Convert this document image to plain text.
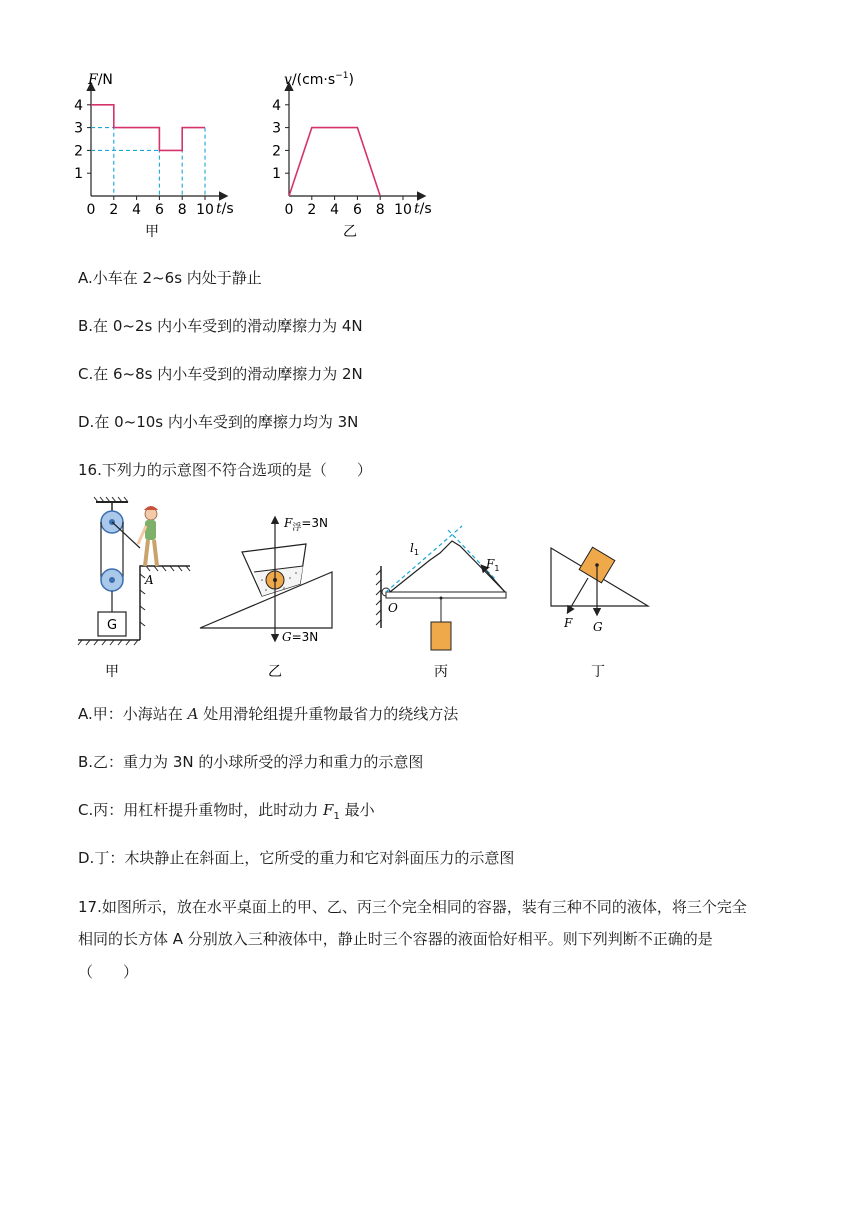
1
2
3
4
0 2 4 6 8 10
F/N
t/s
甲
1
2
3
4
0 2 4 6 8 10
$v/(cm\cdot s^{-1})$
t/s
乙
A.小车在 2~6s 内处于静止
B.在 0~2s 内小车受到的滑动摩擦力为 4N
C.在 6~8s 内小车受到的滑动摩擦力为 2N
D.在 0~10s 内小车受到的摩擦力均为 3N
16.下列力的示意图不符合选项的是（　　）
G
A
甲
$F_浮=3N$
G=3N
乙
O
$l_1$
$F_1$
丙
F G
丁
A.甲：小海站在 A 处用滑轮组提升重物最省力的绕线方法
B.乙：重力为 3N 的小球所受的浮力和重力的示意图
C.丙：用杠杆提升重物时，此时动力 $F_1$ 最小
D.丁：木块静止在斜面上，它所受的重力和它对斜面压力的示意图
17.如图所示，放在水平桌面上的甲、乙、丙三个完全相同的容器，装有三种不同的液体，将三个完全
相同的长方体 A 分别放入三种液体中，静止时三个容器的液面恰好相平。则下列判断不正确的是
（　　）
